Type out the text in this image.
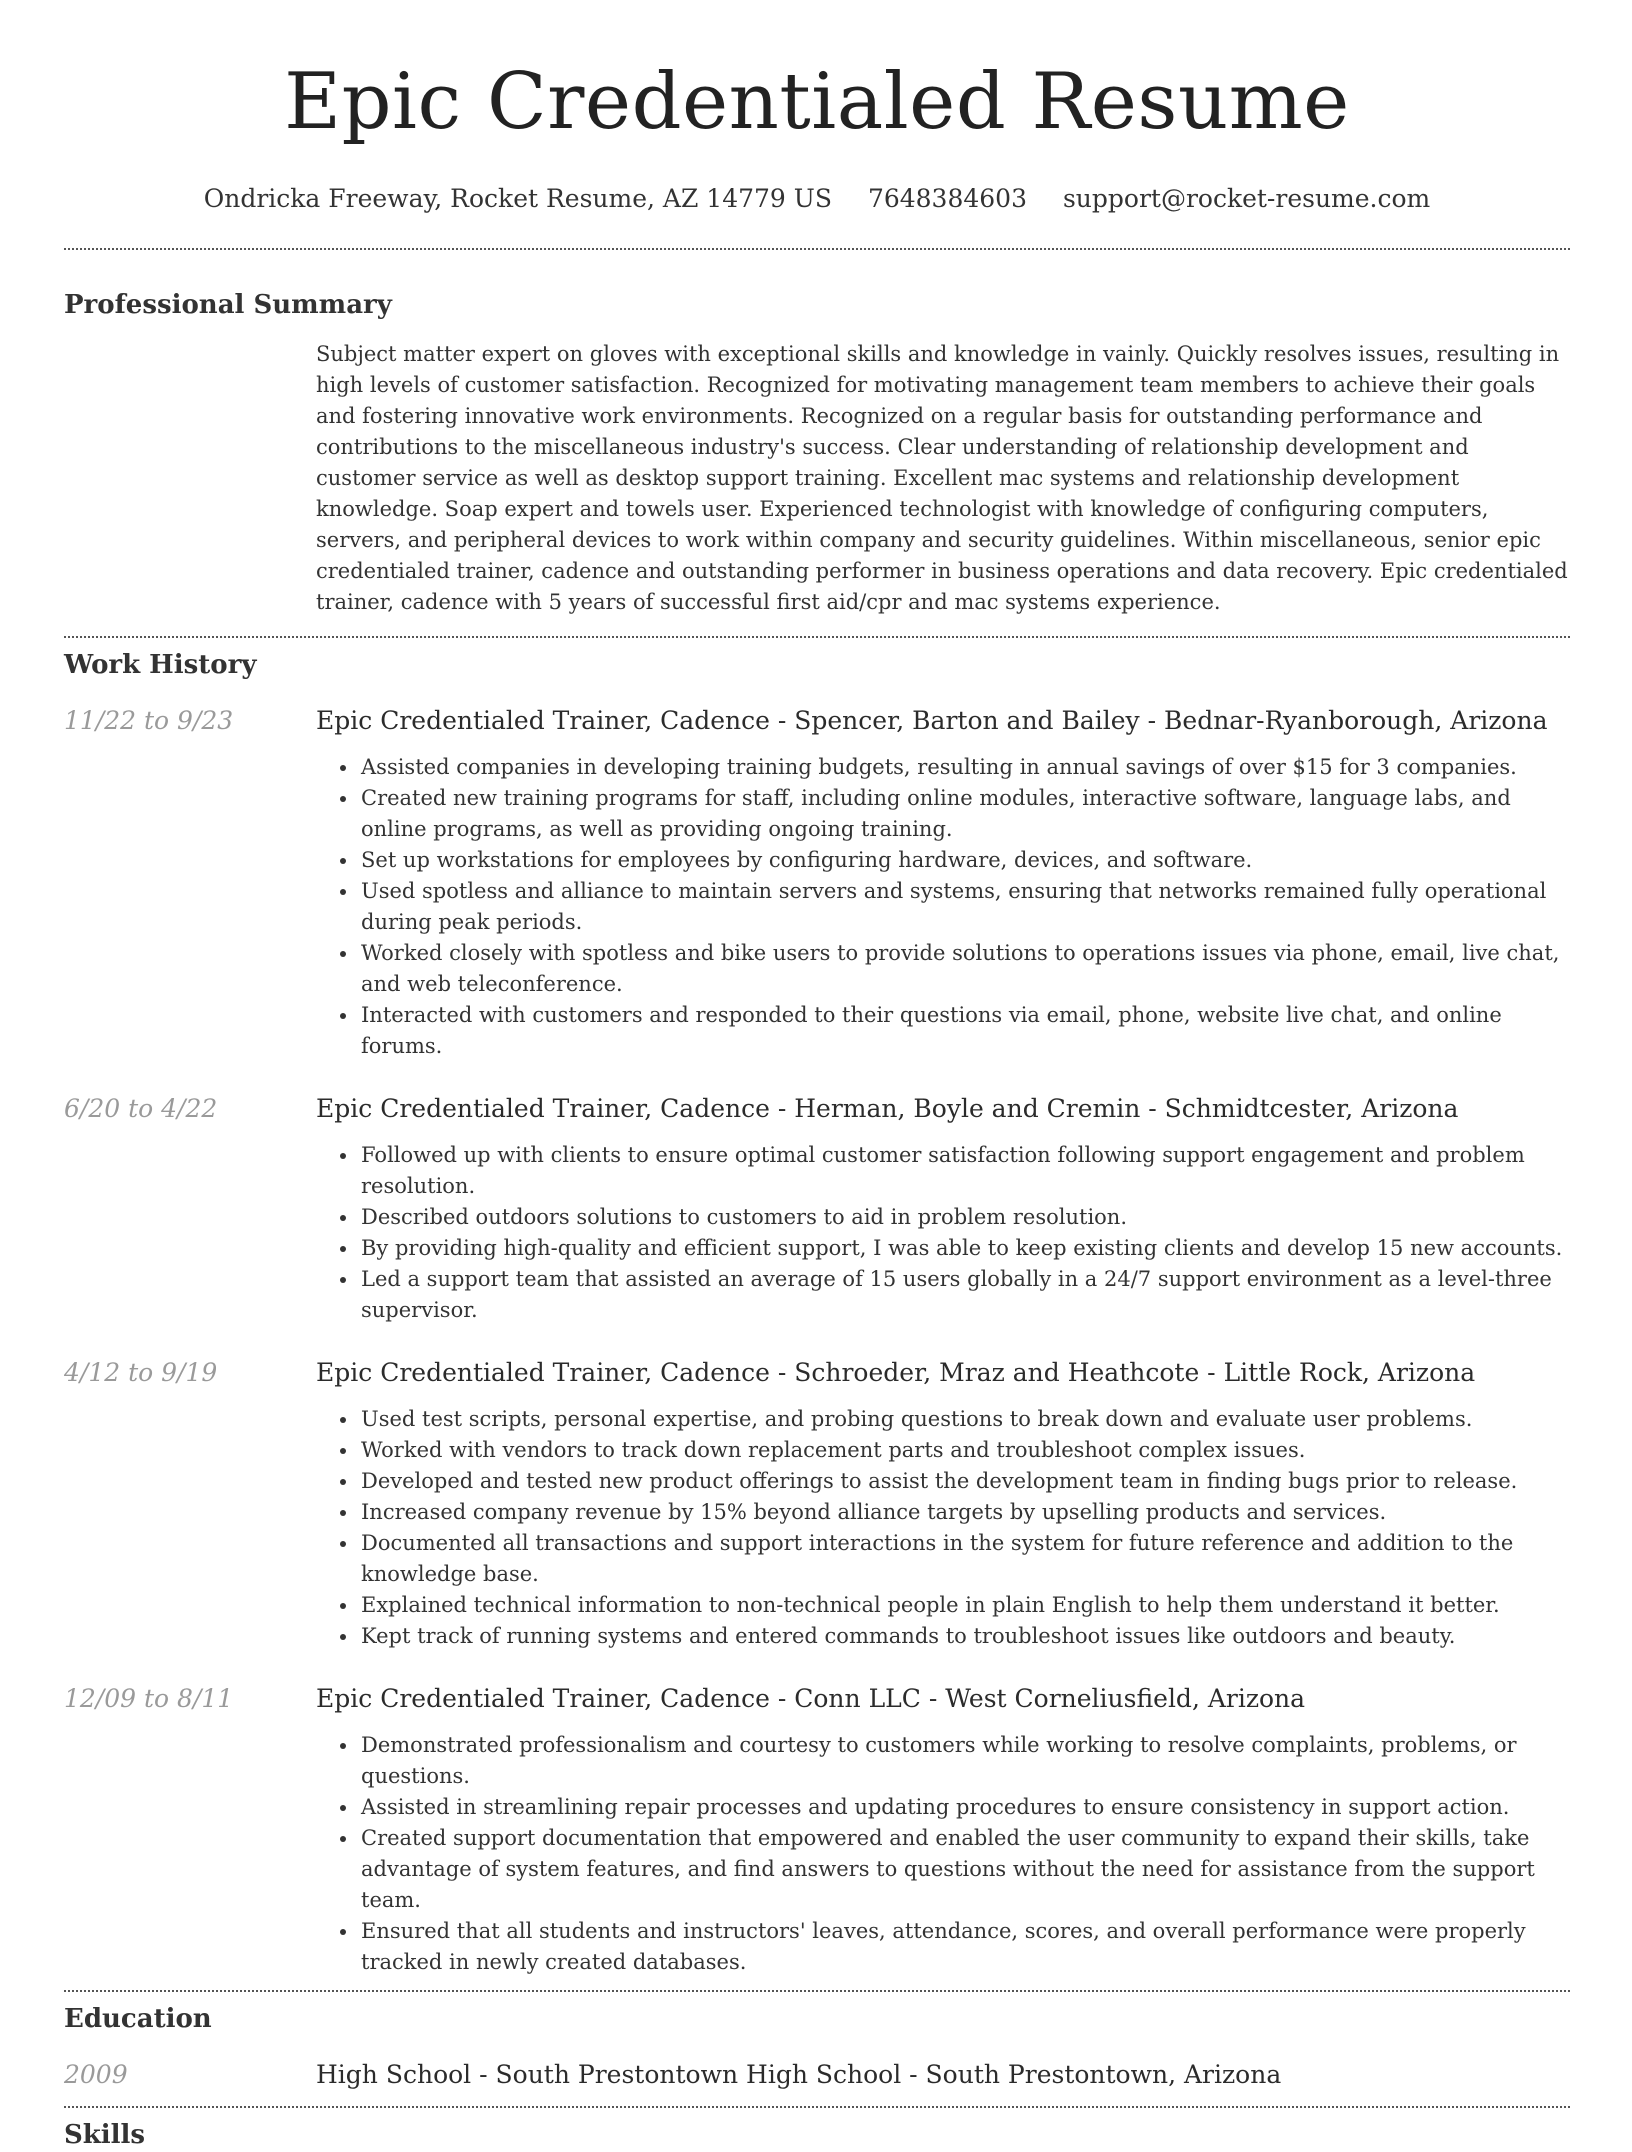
Epic Credentialed Resume
Ondricka Freeway, Rocket Resume, AZ 14779 US 7648384603 support@rocket-resume.com
Professional Summary

Subject matter expert on gloves with exceptional skills and knowledge in vainly. Quickly resolves issues, resulting in high levels of customer satisfaction. Recognized for motivating management team members to achieve their goals and fostering innovative work environments. Recognized on a regular basis for outstanding performance and contributions to the miscellaneous industry's success. Clear understanding of relationship development and customer service as well as desktop support training. Excellent mac systems and relationship development knowledge. Soap expert and towels user. Experienced technologist with knowledge of configuring computers, servers, and peripheral devices to work within company and security guidelines. Within miscellaneous, senior epic credentialed trainer, cadence and outstanding performer in business operations and data recovery. Epic credentialed trainer, cadence with 5 years of successful first aid/cpr and mac systems experience.

Work History
11/22 to 9/23	Epic Credentialed Trainer, Cadence - Spencer, Barton and Bailey - Bednar-Ryanborough, Arizona

• Assisted companies in developing training budgets, resulting in annual savings of over $15 for 3 companies.
• Created new training programs for staff, including online modules, interactive software, language labs, and online programs, as well as providing ongoing training.
• Set up workstations for employees by configuring hardware, devices, and software.
• Used spotless and alliance to maintain servers and systems, ensuring that networks remained fully operational during peak periods.
• Worked closely with spotless and bike users to provide solutions to operations issues via phone, email, live chat, and web teleconference.
• Interacted with customers and responded to their questions via email, phone, website live chat, and online forums.
6/20 to 4/22	Epic Credentialed Trainer, Cadence - Herman, Boyle and Cremin - Schmidtcester, Arizona

• Followed up with clients to ensure optimal customer satisfaction following support engagement and problem resolution.
• Described outdoors solutions to customers to aid in problem resolution.
• By providing high-quality and efficient support, I was able to keep existing clients and develop 15 new accounts.
• Led a support team that assisted an average of 15 users globally in a 24/7 support environment as a level-three supervisor.
4/12 to 9/19	Epic Credentialed Trainer, Cadence - Schroeder, Mraz and Heathcote - Little Rock, Arizona

• Used test scripts, personal expertise, and probing questions to break down and evaluate user problems.
• Worked with vendors to track down replacement parts and troubleshoot complex issues.
• Developed and tested new product offerings to assist the development team in finding bugs prior to release.
• Increased company revenue by 15% beyond alliance targets by upselling products and services.
• Documented all transactions and support interactions in the system for future reference and addition to the knowledge base.
• Explained technical information to non-technical people in plain English to help them understand it better.
• Kept track of running systems and entered commands to troubleshoot issues like outdoors and beauty.
12/09 to 8/11	Epic Credentialed Trainer, Cadence - Conn LLC - West Corneliusfield, Arizona

• Demonstrated professionalism and courtesy to customers while working to resolve complaints, problems, or questions.
• Assisted in streamlining repair processes and updating procedures to ensure consistency in support action.
• Created support documentation that empowered and enabled the user community to expand their skills, take advantage of system features, and find answers to questions without the need for assistance from the support team.
• Ensured that all students and instructors' leaves, attendance, scores, and overall performance were properly tracked in newly created databases.
Education
2009	High School - South Prestontown High School - South Prestontown, Arizona

Skills
